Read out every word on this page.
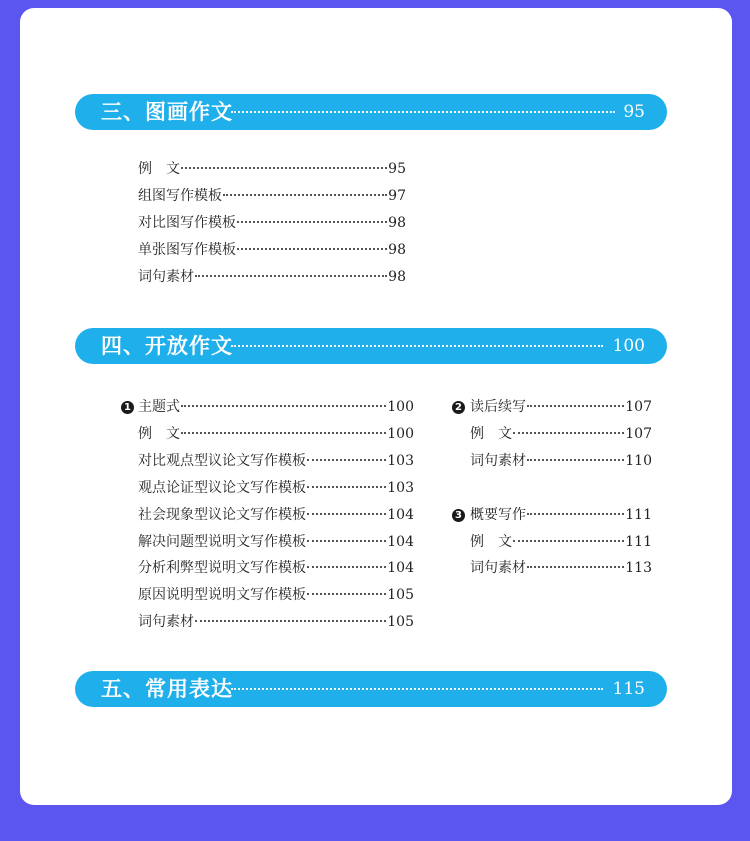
三、图画作文	95
例　文	95
组图写作模板	97
对比图写作模板	98
单张图写作模板	98
词句素材	98
四、开放作文	100
1 主题式	100
例　文	100
对比观点型议论文写作模板	103
观点论证型议论文写作模板	103
社会现象型议论文写作模板	104
解决问题型说明文写作模板	104
分析利弊型说明文写作模板	104
原因说明型说明文写作模板	105
词句素材	105
2 读后续写	107
例　文	107
词句素材	110
3 概要写作	111
例　文	111
词句素材	113
五、常用表达	115
